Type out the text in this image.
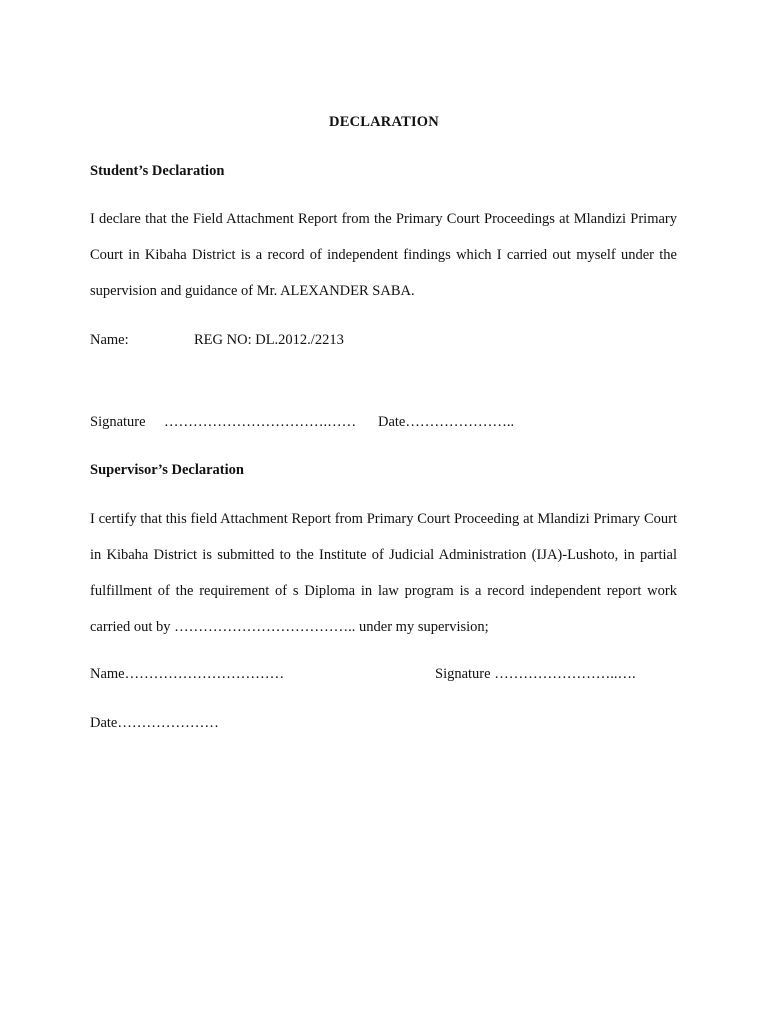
DECLARATION
Student’s Declaration
I declare that the Field Attachment Report from the Primary Court Proceedings at Mlandizi Primary Court in Kibaha District is a record of independent findings which I carried out myself under the supervision and guidance of Mr. ALEXANDER SABA.
Name:	REG NO: DL.2012./2213
Signature …………………………….…… Date…………………..
Supervisor’s Declaration
I certify that this field Attachment Report from Primary Court Proceeding at Mlandizi Primary Court in Kibaha District is submitted to the Institute of Judicial Administration (IJA)-Lushoto, in partial fulfillment of the requirement of s Diploma in law program is a record independent report work carried out by ……………………………….. under my supervision;
Name……………………………	Signature ……………………..….
Date…………………
